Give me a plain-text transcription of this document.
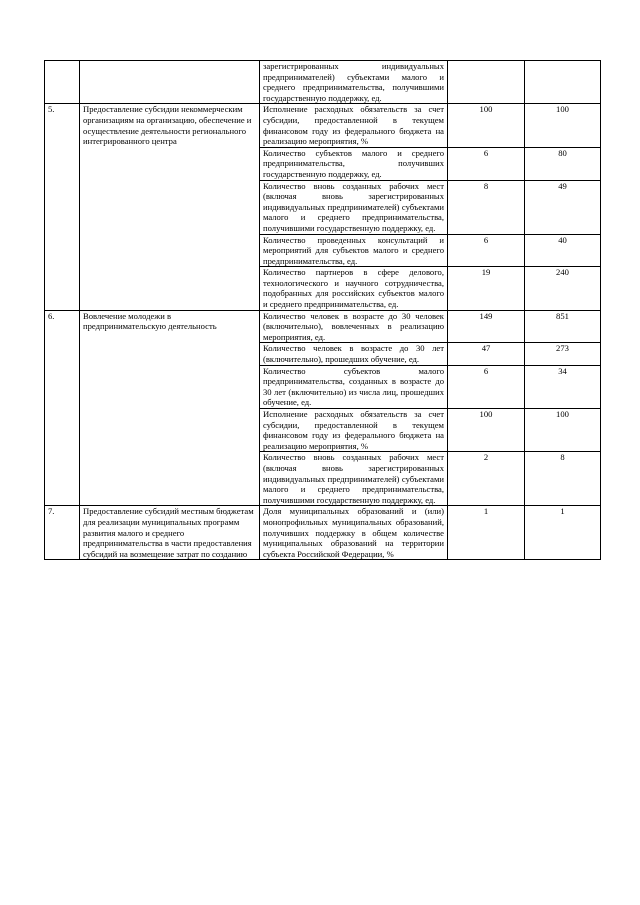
		зарегистрированных индивидуальных предпринимателей) субъектами малого и среднего предпринимательства, получившими государственную поддержку, ед.		
5.	Предоставление субсидии некоммерческим организациям на организацию, обеспечение и осуществление деятельности регионального интегрированного центра	Исполнение расходных обязательств за счет субсидии, предоставленной в текущем финансовом году из федерального бюджета на реализацию мероприятия, %	100	100
		Количество субъектов малого и среднего предпринимательства, получивших государственную поддержку, ед.	6	80
		Количество вновь созданных рабочих мест (включая вновь зарегистрированных индивидуальных предпринимателей) субъектами малого и среднего предпринимательства, получившими государственную поддержку, ед.	8	49
		Количество проведенных консультаций и мероприятий для субъектов малого и среднего предпринимательства, ед.	6	40
		Количество партнеров в сфере делового, технологического и научного сотрудничества, подобранных для российских субъектов малого и среднего предпринимательства, ед.	19	240
6.	Вовлечение молодежи в предпринимательскую деятельность	Количество человек в возрасте до 30 человек (включительно), вовлеченных в реализацию мероприятия, ед.	149	851
		Количество человек в возрасте до 30 лет (включительно), прошедших обучение, ед.	47	273
		Количество субъектов малого предпринимательства, созданных в возрасте до 30 лет (включительно) из числа лиц, прошедших обучение, ед.	6	34
		Исполнение расходных обязательств за счет субсидии, предоставленной в текущем финансовом году из федерального бюджета на реализацию мероприятия, %	100	100
		Количество вновь созданных рабочих мест (включая вновь зарегистрированных индивидуальных предпринимателей) субъектами малого и среднего предпринимательства, получившими государственную поддержку, ед.	2	8
7.	Предоставление субсидий местным бюджетам для реализации муниципальных программ развития малого и среднего предпринимательства в части предоставления субсидий на возмещение затрат по созданию	Доля муниципальных образований и (или) монопрофильных муниципальных образований, получивших поддержку в общем количестве муниципальных образований на территории субъекта Российской Федерации, %	1	1
